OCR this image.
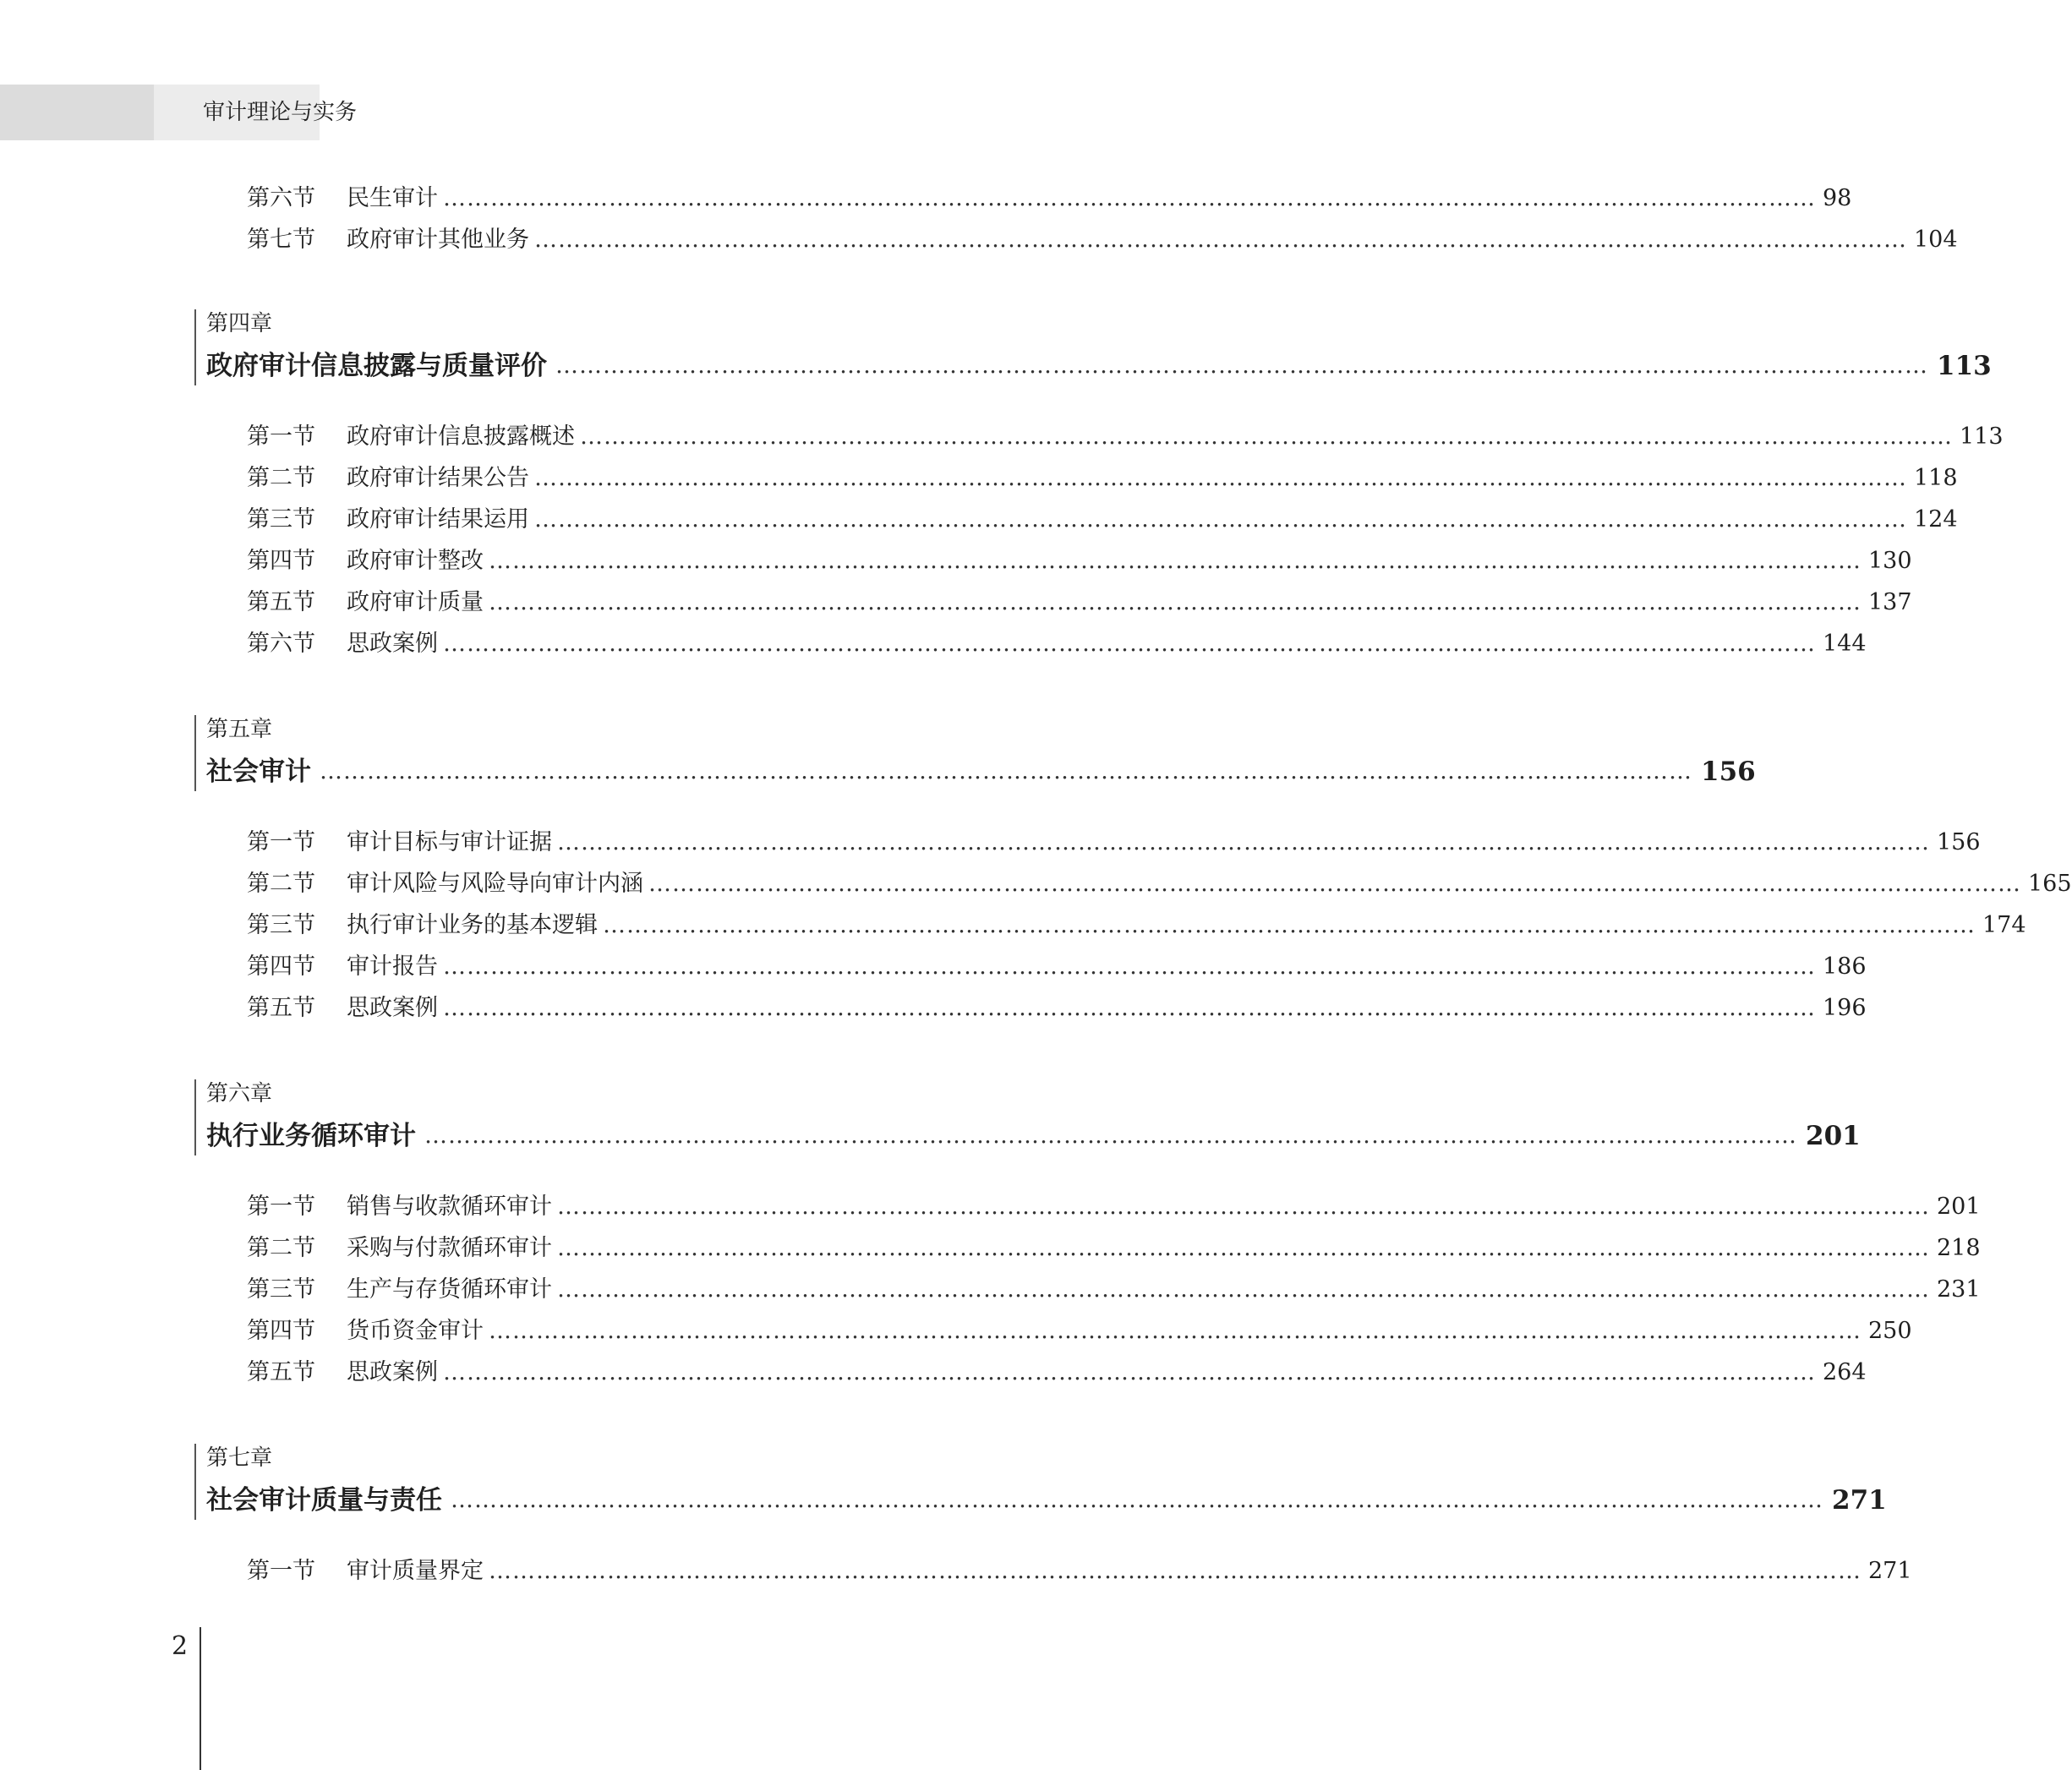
审计理论与实务
第六节	民生审计 ………………………………………………………………………………………………………………………………………………………… 98
第七节	政府审计其他业务 ………………………………………………………………………………………………………………………………………………………… 104
第四章
政府审计信息披露与质量评价 ………………………………………………………………………………………………………………………………………………………… 113
第一节	政府审计信息披露概述 ………………………………………………………………………………………………………………………………………………………… 113
第二节	政府审计结果公告 ………………………………………………………………………………………………………………………………………………………… 118
第三节	政府审计结果运用 ………………………………………………………………………………………………………………………………………………………… 124
第四节	政府审计整改 ………………………………………………………………………………………………………………………………………………………… 130
第五节	政府审计质量 ………………………………………………………………………………………………………………………………………………………… 137
第六节	思政案例 ………………………………………………………………………………………………………………………………………………………… 144
第五章
社会审计 ………………………………………………………………………………………………………………………………………………………… 156
第一节	审计目标与审计证据 ………………………………………………………………………………………………………………………………………………………… 156
第二节	审计风险与风险导向审计内涵 ………………………………………………………………………………………………………………………………………………………… 165
第三节	执行审计业务的基本逻辑 ………………………………………………………………………………………………………………………………………………………… 174
第四节	审计报告 ………………………………………………………………………………………………………………………………………………………… 186
第五节	思政案例 ………………………………………………………………………………………………………………………………………………………… 196
第六章
执行业务循环审计 ………………………………………………………………………………………………………………………………………………………… 201
第一节	销售与收款循环审计 ………………………………………………………………………………………………………………………………………………………… 201
第二节	采购与付款循环审计 ………………………………………………………………………………………………………………………………………………………… 218
第三节	生产与存货循环审计 ………………………………………………………………………………………………………………………………………………………… 231
第四节	货币资金审计 ………………………………………………………………………………………………………………………………………………………… 250
第五节	思政案例 ………………………………………………………………………………………………………………………………………………………… 264
第七章
社会审计质量与责任 ………………………………………………………………………………………………………………………………………………………… 271
第一节	审计质量界定 ………………………………………………………………………………………………………………………………………………………… 271
2
